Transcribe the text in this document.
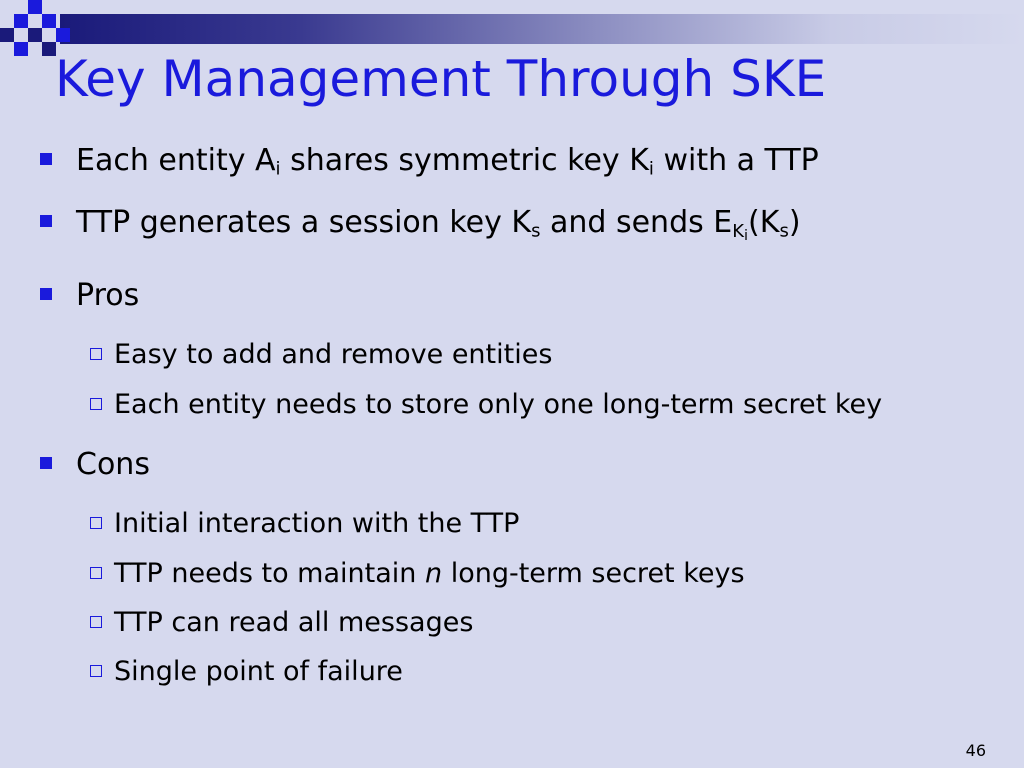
Key Management Through SKE
Each entity $A_i$ shares symmetric key $K_i$ with a TTP
TTP generates a session key $K_s$ and sends $E_{K_i}(K_s)$
Pros
Easy to add and remove entities
Each entity needs to store only one long-term secret key
Cons
Initial interaction with the TTP
TTP needs to maintain n long-term secret keys
TTP can read all messages
Single point of failure
46
